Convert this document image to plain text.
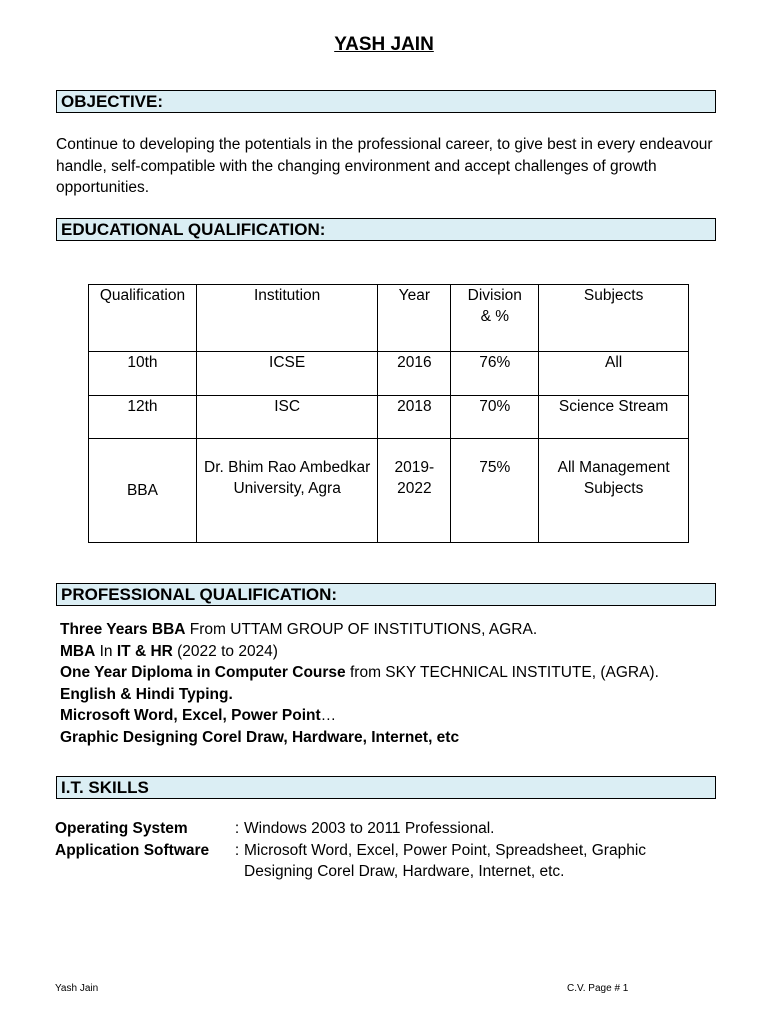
YASH JAIN
OBJECTIVE:
Continue to developing the potentials in the professional career, to give best in every endeavour handle, self-compatible with the changing environment and accept challenges of growth opportunities.
EDUCATIONAL QUALIFICATION:
Qualification	Institution	Year	Division & %	Subjects
10th	ICSE	2016	76%	All
12th	ISC	2018	70%	Science Stream
BBA	Dr. Bhim Rao Ambedkar University, Agra	2019-2022	75%	All Management Subjects
PROFESSIONAL QUALIFICATION:
Three Years BBA From UTTAM GROUP OF INSTITUTIONS, AGRA.
MBA In IT & HR (2022 to 2024)
One Year Diploma in Computer Course from SKY TECHNICAL INSTITUTE, (AGRA).
English & Hindi Typing.
Microsoft Word, Excel, Power Point…
Graphic Designing Corel Draw, Hardware, Internet, etc
I.T. SKILLS
Operating System	: Windows 2003 to 2011 Professional.
Application Software	: Microsoft Word, Excel, Power Point, Spreadsheet, Graphic Designing Corel Draw, Hardware, Internet, etc.
Yash Jain	C.V. Page # 1
